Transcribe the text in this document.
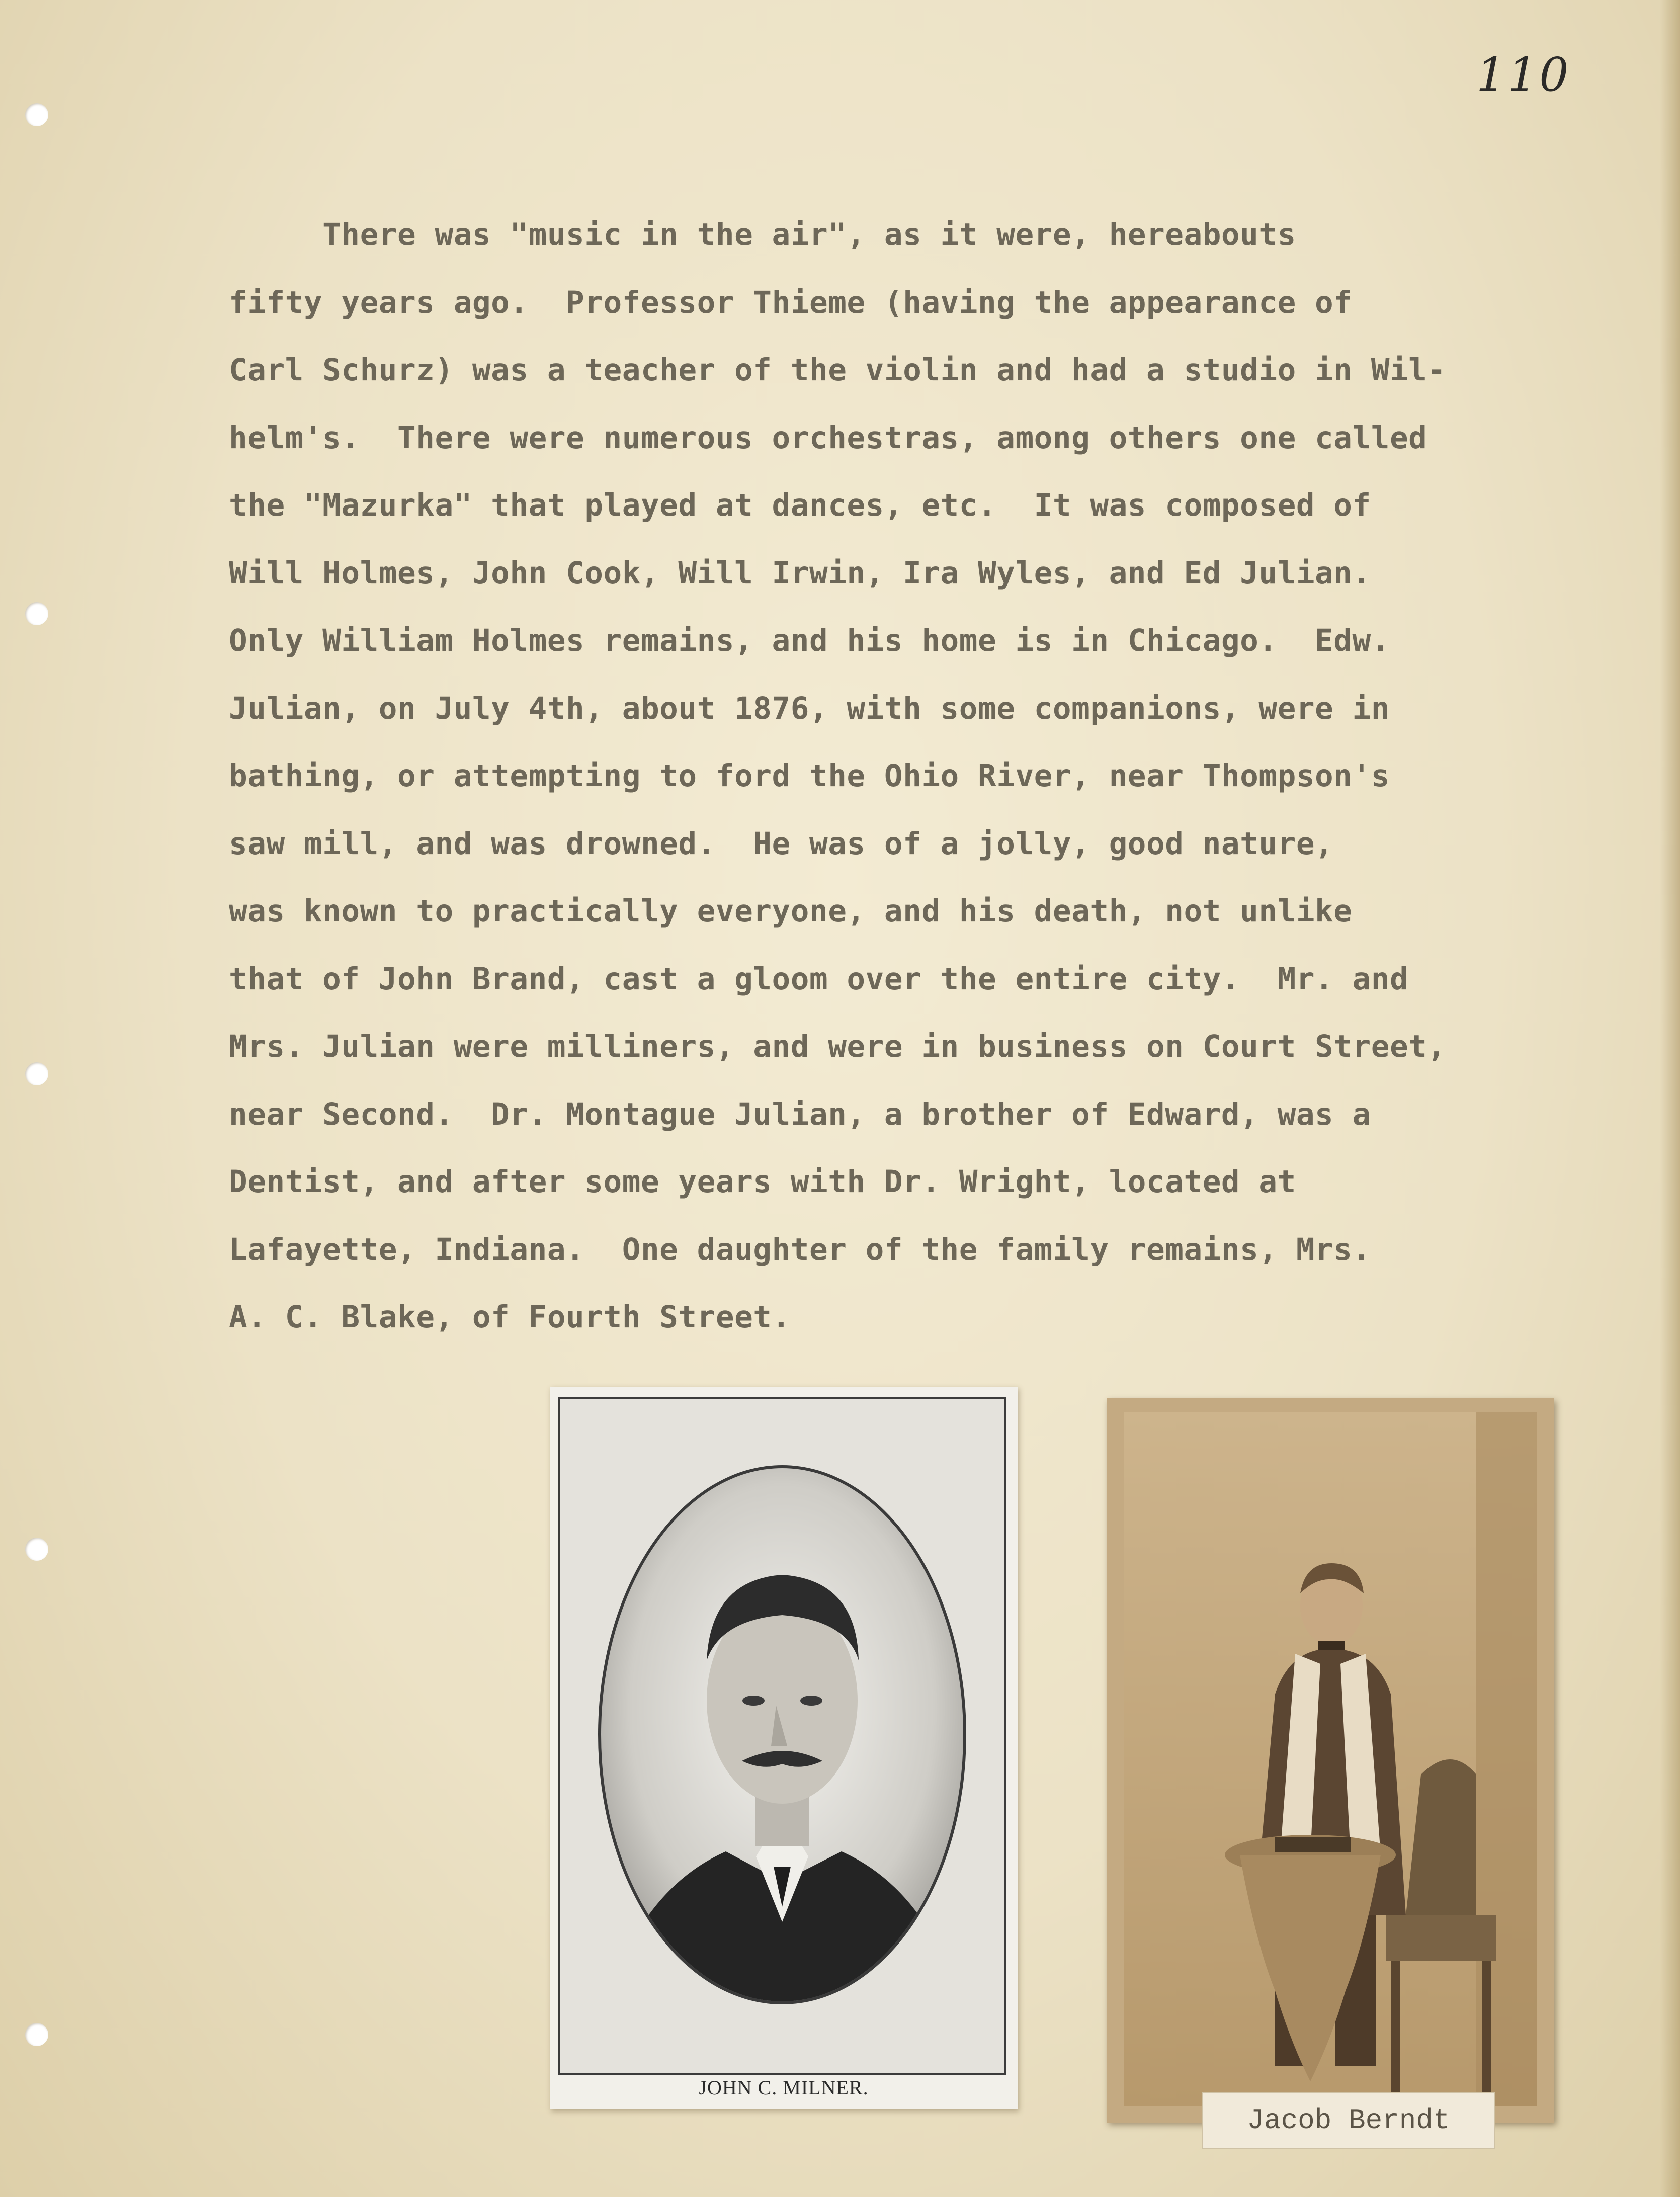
110
There was "music in the air", as it were, hereabouts
fifty years ago.  Professor Thieme (having the appearance of
Carl Schurz) was a teacher of the violin and had a studio in Wil-
helm's.  There were numerous orchestras, among others one called
the "Mazurka" that played at dances, etc.  It was composed of
Will Holmes, John Cook, Will Irwin, Ira Wyles, and Ed Julian.
Only William Holmes remains, and his home is in Chicago.  Edw.
Julian, on July 4th, about 1876, with some companions, were in
bathing, or attempting to ford the Ohio River, near Thompson's
saw mill, and was drowned.  He was of a jolly, good nature,
was known to practically everyone, and his death, not unlike
that of John Brand, cast a gloom over the entire city.  Mr. and
Mrs. Julian were milliners, and were in business on Court Street,
near Second.  Dr. Montague Julian, a brother of Edward, was a
Dentist, and after some years with Dr. Wright, located at
Lafayette, Indiana.  One daughter of the family remains, Mrs.
A. C. Blake, of Fourth Street.
JOHN C. MILNER.
Jacob Berndt
